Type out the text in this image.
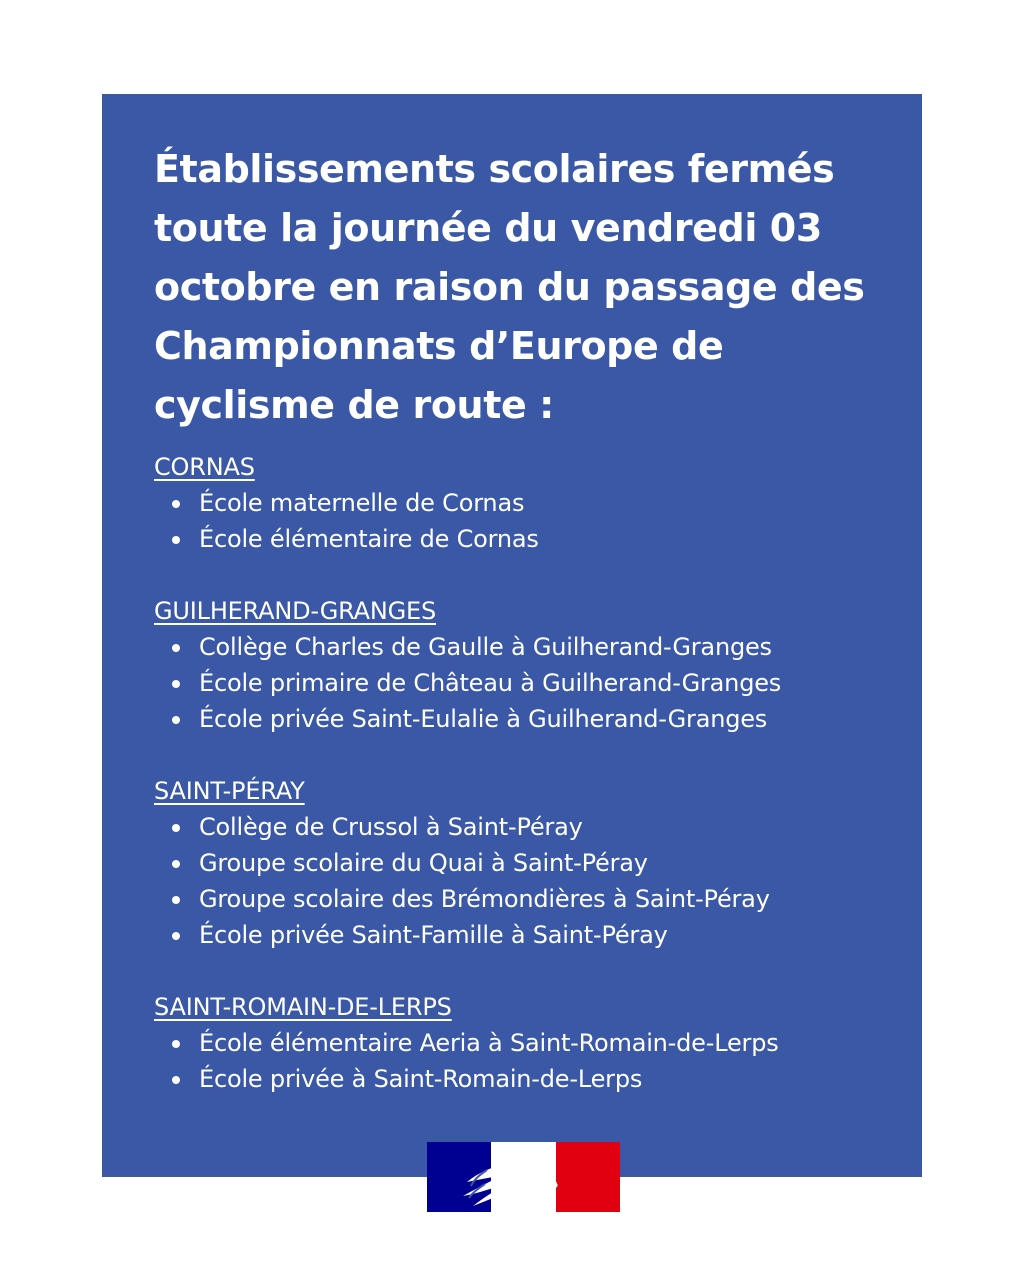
Établissements scolaires fermés toute la journée du vendredi 03 octobre en raison du passage des Championnats d’Europe de cyclisme de route :
CORNAS
École maternelle de Cornas
École élémentaire de Cornas
GUILHERAND-GRANGES
Collège Charles de Gaulle à Guilherand-Granges
École primaire de Château à Guilherand-Granges
École privée Saint-Eulalie à Guilherand-Granges
SAINT-PÉRAY
Collège de Crussol à Saint-Péray
Groupe scolaire du Quai à Saint-Péray
Groupe scolaire des Brémondières à Saint-Péray
École privée Saint-Famille à Saint-Péray
SAINT-ROMAIN-DE-LERPS
École élémentaire Aeria à Saint-Romain-de-Lerps
École privée à Saint-Romain-de-Lerps
